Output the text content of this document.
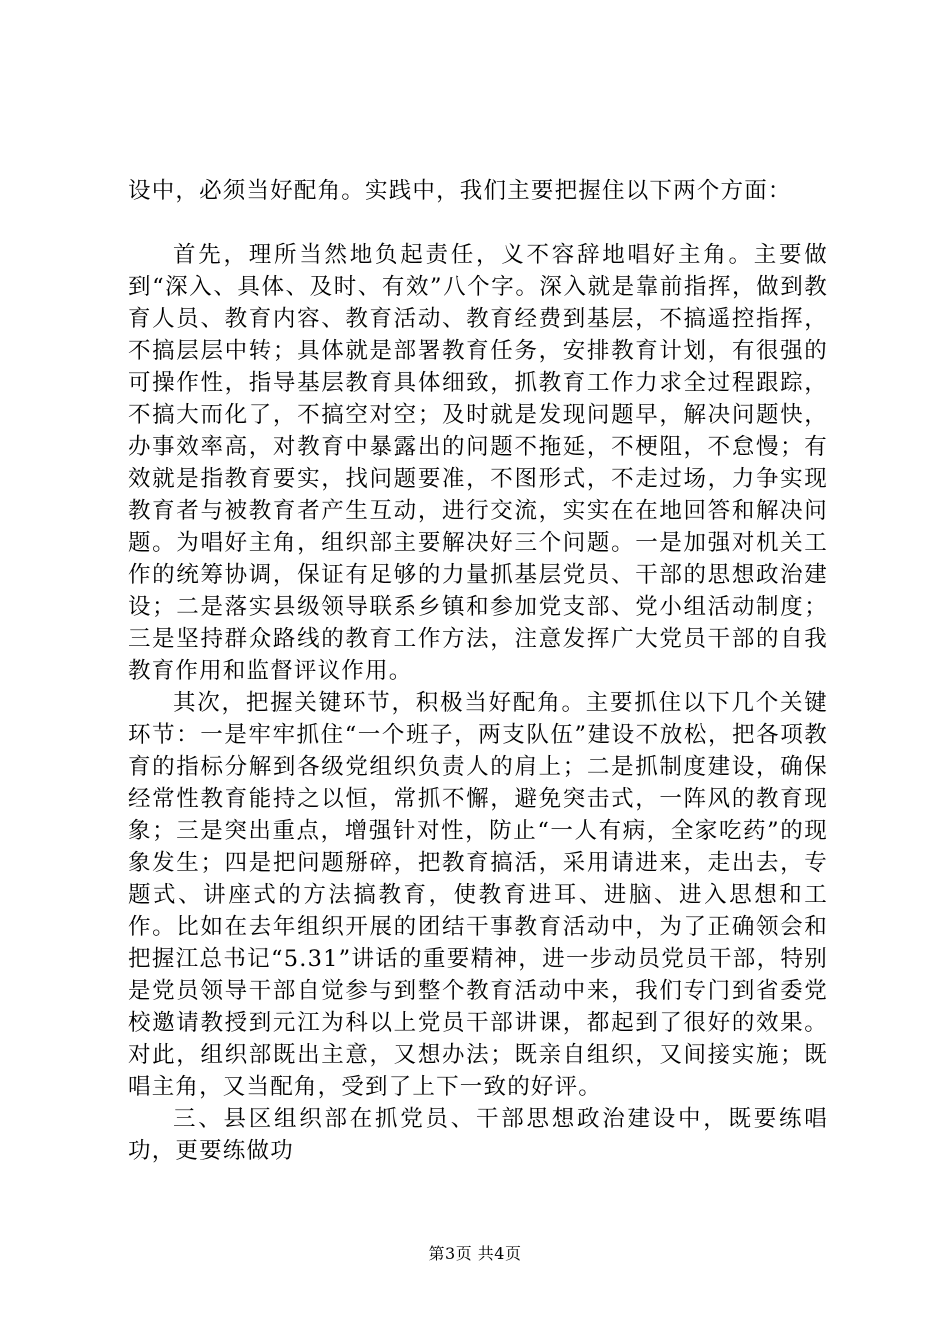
设中，必须当好配角。实践中，我们主要把握住以下两个方面：

首先，理所当然地负起责任，义不容辞地唱好主角。主要做到“深入、具体、及时、有效”八个字。深入就是靠前指挥，做到教育人员、教育内容、教育活动、教育经费到基层，不搞遥控指挥，不搞层层中转；具体就是部署教育任务，安排教育计划，有很强的可操作性，指导基层教育具体细致，抓教育工作力求全过程跟踪，不搞大而化了，不搞空对空；及时就是发现问题早，解决问题快，办事效率高，对教育中暴露出的问题不拖延，不梗阻，不怠慢；有效就是指教育要实，找问题要准，不图形式，不走过场，力争实现教育者与被教育者产生互动，进行交流，实实在在地回答和解决问题。为唱好主角，组织部主要解决好三个问题。一是加强对机关工作的统筹协调，保证有足够的力量抓基层党员、干部的思想政治建设；二是落实县级领导联系乡镇和参加党支部、党小组活动制度；三是坚持群众路线的教育工作方法，注意发挥广大党员干部的自我教育作用和监督评议作用。

其次，把握关键环节，积极当好配角。主要抓住以下几个关键环节：一是牢牢抓住“一个班子，两支队伍”建设不放松，把各项教育的指标分解到各级党组织负责人的肩上；二是抓制度建设，确保经常性教育能持之以恒，常抓不懈，避免突击式，一阵风的教育现象；三是突出重点，增强针对性，防止“一人有病，全家吃药”的现象发生；四是把问题掰碎，把教育搞活，采用请进来，走出去，专题式、讲座式的方法搞教育，使教育进耳、进脑、进入思想和工作。比如在去年组织开展的团结干事教育活动中，为了正确领会和把握江总书记“5.31”讲话的重要精神，进一步动员党员干部，特别是党员领导干部自觉参与到整个教育活动中来，我们专门到省委党校邀请教授到元江为科以上党员干部讲课，都起到了很好的效果。对此，组织部既出主意，又想办法；既亲自组织，又间接实施；既唱主角，又当配角，受到了上下一致的好评。

三、县区组织部在抓党员、干部思想政治建设中，既要练唱功，更要练做功

第3页 共4页
